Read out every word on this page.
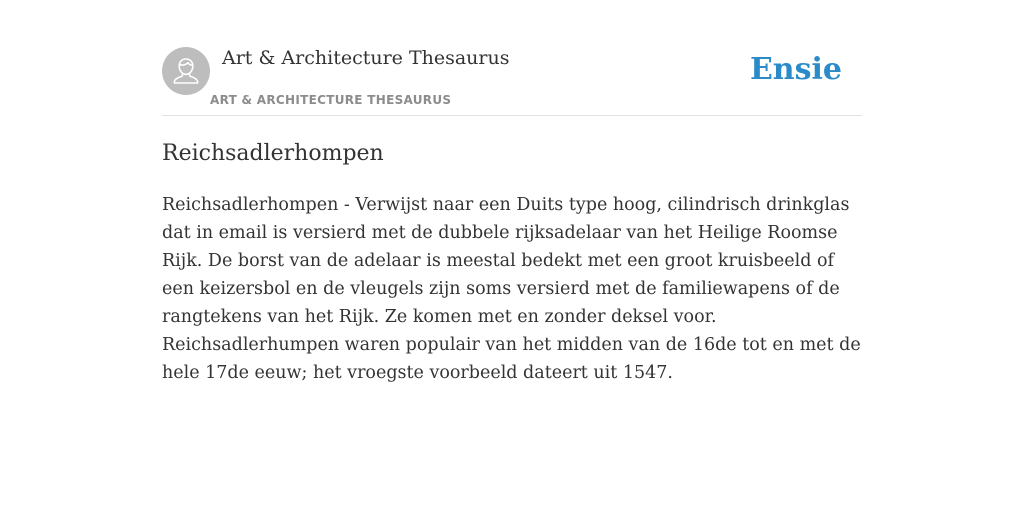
Art & Architecture Thesaurus
ART & ARCHITECTURE THESAURUS
Ensie
Reichsadlerhompen

Reichsadlerhompen - Verwijst naar een Duits type hoog, cilindrisch drinkglas dat in email is versierd met de dubbele rijksadelaar van het Heilige Roomse Rijk. De borst van de adelaar is meestal bedekt met een groot kruisbeeld of een keizersbol en de vleugels zijn soms versierd met de familiewapens of de rangtekens van het Rijk. Ze komen met en zonder deksel voor. Reichsadlerhumpen waren populair van het midden van de 16de tot en met de hele 17de eeuw; het vroegste voorbeeld dateert uit 1547.
